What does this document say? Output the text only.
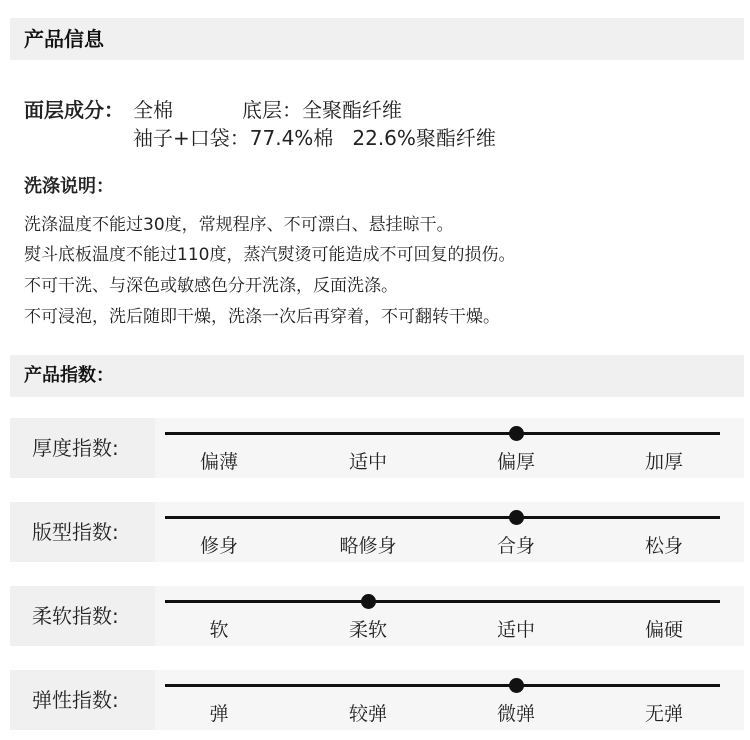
产品信息
面层成分： 全棉	底层：全聚酯纤维
袖子+口袋：77.4%棉   22.6%聚酯纤维
洗涤说明：
洗涤温度不能过30度，常规程序、不可漂白、悬挂晾干。
熨斗底板温度不能过110度，蒸汽熨烫可能造成不可回复的损伤。
不可干洗、与深色或敏感色分开洗涤，反面洗涤。
不可浸泡，洗后随即干燥，洗涤一次后再穿着，不可翻转干燥。
产品指数：
厚度指数:
偏薄	适中	偏厚	加厚
版型指数:
修身	略修身	合身	松身
柔软指数:
软	柔软	适中	偏硬
弹性指数:
弹	较弹	微弹	无弹
